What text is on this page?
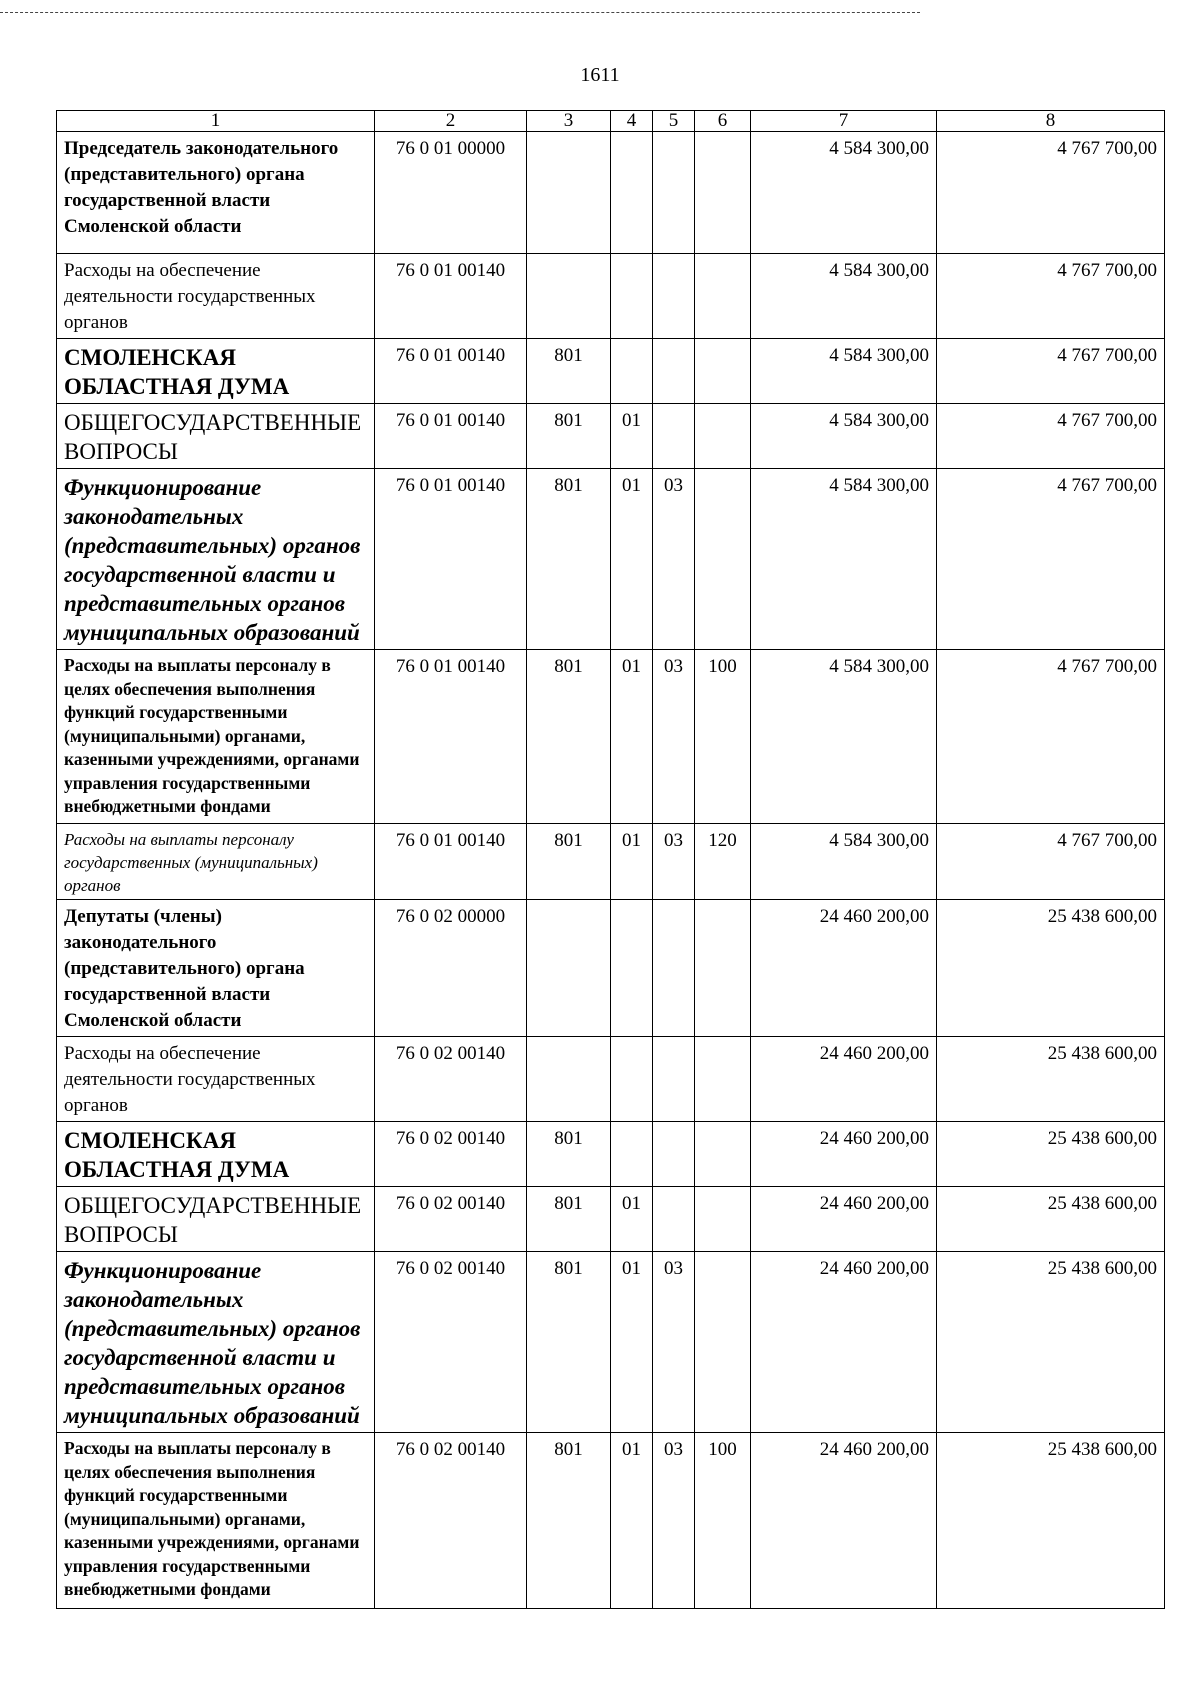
1611
1	2	3	4	5	6	7	8
Председатель законодательного (представительного) органа государственной власти Смоленской области	76 0 01 00000					4 584 300,00	4 767 700,00
Расходы на обеспечение деятельности государственных органов	76 0 01 00140					4 584 300,00	4 767 700,00
СМОЛЕНСКАЯ ОБЛАСТНАЯ ДУМА	76 0 01 00140	801				4 584 300,00	4 767 700,00
ОБЩЕГОСУДАРСТВЕННЫЕ ВОПРОСЫ	76 0 01 00140	801	01			4 584 300,00	4 767 700,00
Функционирование законодательных (представительных) органов государственной власти и представительных органов муниципальных образований	76 0 01 00140	801	01	03		4 584 300,00	4 767 700,00
Расходы на выплаты персоналу в целях обеспечения выполнения функций государственными (муниципальными) органами, казенными учреждениями, органами управления государственными внебюджетными фондами	76 0 01 00140	801	01	03	100	4 584 300,00	4 767 700,00
Расходы на выплаты персоналу государственных (муниципальных) органов	76 0 01 00140	801	01	03	120	4 584 300,00	4 767 700,00
Депутаты (члены) законодательного (представительного) органа государственной власти Смоленской области	76 0 02 00000					24 460 200,00	25 438 600,00
Расходы на обеспечение деятельности государственных органов	76 0 02 00140					24 460 200,00	25 438 600,00
СМОЛЕНСКАЯ ОБЛАСТНАЯ ДУМА	76 0 02 00140	801				24 460 200,00	25 438 600,00
ОБЩЕГОСУДАРСТВЕННЫЕ ВОПРОСЫ	76 0 02 00140	801	01			24 460 200,00	25 438 600,00
Функционирование законодательных (представительных) органов государственной власти и представительных органов муниципальных образований	76 0 02 00140	801	01	03		24 460 200,00	25 438 600,00
Расходы на выплаты персоналу в целях обеспечения выполнения функций государственными (муниципальными) органами, казенными учреждениями, органами управления государственными внебюджетными фондами	76 0 02 00140	801	01	03	100	24 460 200,00	25 438 600,00
